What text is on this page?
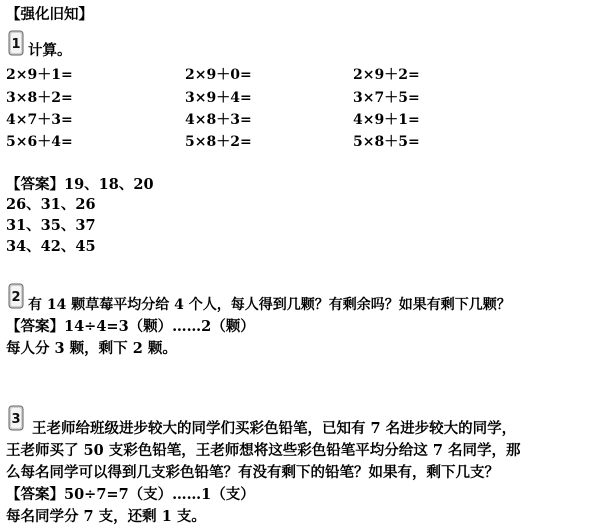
【强化旧知】
1 计算。
2×9＋1=	2×9＋0=	2×9＋2=
3×8＋2=	3×9＋4=	3×7＋5=
4×7＋3=	4×8＋3=	4×9＋1=
5×6＋4=	5×8＋2=	5×8＋5=
【答案】19、18、20
26、31、26
31、35、37
34、42、45
2 有 14 颗草莓平均分给 4 个人，每人得到几颗？有剩余吗？如果有剩下几颗？
【答案】14÷4=3（颗）……2（颗）
每人分 3 颗，剩下 2 颗。
3
王老师给班级进步较大的同学们买彩色铅笔，已知有 7 名进步较大的同学，
王老师买了 50 支彩色铅笔，王老师想将这些彩色铅笔平均分给这 7 名同学，那
么每名同学可以得到几支彩色铅笔？有没有剩下的铅笔？如果有，剩下几支？
【答案】50÷7=7（支）……1（支）
每名同学分 7 支，还剩 1 支。
